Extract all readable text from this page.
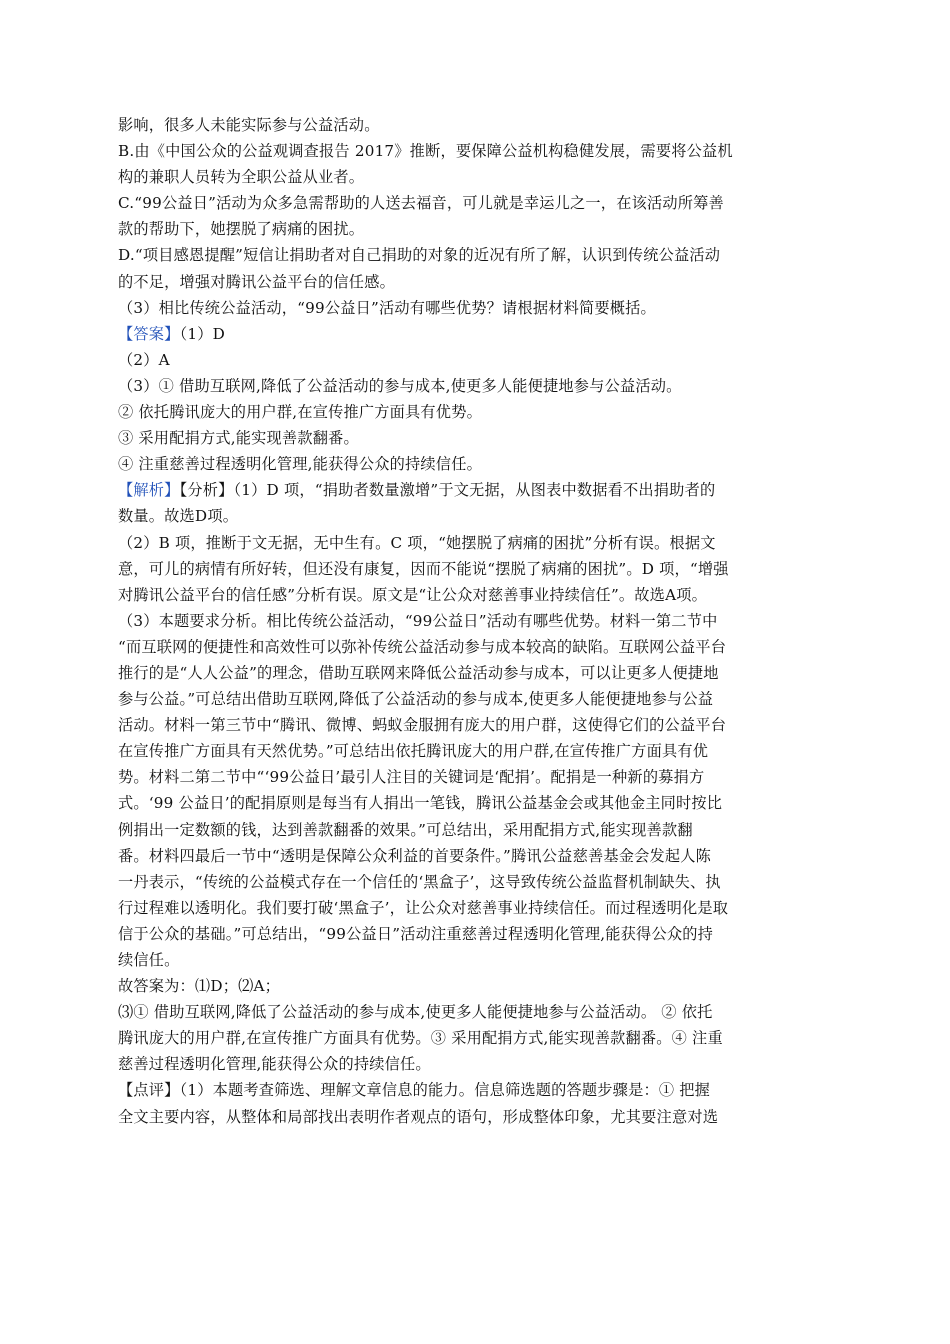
影响，很多人未能实际参与公益活动。
B.由《中国公众的公益观调查报告 2017》推断，要保障公益机构稳健发展，需要将公益机
构的兼职人员转为全职公益从业者。
C.“99公益日”活动为众多急需帮助的人送去福音，可儿就是幸运儿之一，在该活动所筹善
款的帮助下，她摆脱了病痛的困扰。
D.“项目感恩提醒”短信让捐助者对自己捐助的对象的近况有所了解，认识到传统公益活动
的不足，增强对腾讯公益平台的信任感。
（3）相比传统公益活动，“99公益日”活动有哪些优势？请根据材料简要概括。
【答案】（1）D
（2）A
（3）① 借助互联网,降低了公益活动的参与成本,使更多人能便捷地参与公益活动。
② 依托腾讯庞大的用户群,在宣传推广方面具有优势。
③ 采用配捐方式,能实现善款翻番。
④ 注重慈善过程透明化管理,能获得公众的持续信任。
【解析】【分析】（1）D 项，“捐助者数量激增”于文无据，从图表中数据看不出捐助者的
数量。故选D项。
（2）B 项，推断于文无据，无中生有。C 项，“她摆脱了病痛的困扰”分析有误。根据文
意，可儿的病情有所好转，但还没有康复，因而不能说“摆脱了病痛的困扰”。D 项，“增强
对腾讯公益平台的信任感”分析有误。原文是“让公众对慈善事业持续信任”。故选A项。
（3）本题要求分析。相比传统公益活动，“99公益日”活动有哪些优势。材料一第二节中
“而互联网的便捷性和高效性可以弥补传统公益活动参与成本较高的缺陷。互联网公益平台
推行的是“人人公益”的理念，借助互联网来降低公益活动参与成本，可以让更多人便捷地
参与公益。”可总结出借助互联网,降低了公益活动的参与成本,使更多人能便捷地参与公益
活动。材料一第三节中“腾讯、微博、蚂蚁金服拥有庞大的用户群，这使得它们的公益平台
在宣传推广方面具有天然优势。”可总结出依托腾讯庞大的用户群,在宣传推广方面具有优
势。材料二第二节中“‘99公益日’最引人注目的关键词是‘配捐’。配捐是一种新的募捐方
式。‘99 公益日’的配捐原则是每当有人捐出一笔钱，腾讯公益基金会或其他金主同时按比
例捐出一定数额的钱，达到善款翻番的效果。”可总结出，采用配捐方式,能实现善款翻
番。材料四最后一节中“透明是保障公众利益的首要条件。”腾讯公益慈善基金会发起人陈
一丹表示，“传统的公益模式存在一个信任的‘黑盒子’，这导致传统公益监督机制缺失、执
行过程难以透明化。我们要打破‘黑盒子’，让公众对慈善事业持续信任。而过程透明化是取
信于公众的基础。”可总结出，“99公益日”活动注重慈善过程透明化管理,能获得公众的持
续信任。
故答案为：⑴D；⑵A；
⑶① 借助互联网,降低了公益活动的参与成本,使更多人能便捷地参与公益活动。 ② 依托
腾讯庞大的用户群,在宣传推广方面具有优势。③ 采用配捐方式,能实现善款翻番。④ 注重
慈善过程透明化管理,能获得公众的持续信任。
【点评】（1）本题考查筛选、理解文章信息的能力。信息筛选题的答题步骤是：① 把握
全文主要内容，从整体和局部找出表明作者观点的语句，形成整体印象，尤其要注意对选
